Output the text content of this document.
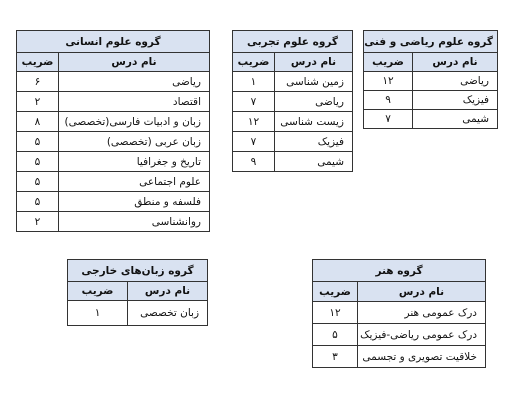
گروه علوم ریاضی و فنی	
نام درس	ضریب
ریاضی	۱۲
فیزیک	۹
شیمی	۷
گروه علوم تجربی	
نام درس	ضریب
زمین شناسی	۱
ریاضی	۷
زیست شناسی	۱۲
فیزیک	۷
شیمی	۹
گروه علوم انسانی	
نام درس	ضریب
ریاضی	۶
اقتصاد	۲
زبان و ادبیات فارسی(تخصصی)	۸
زبان عربی (تخصصی)	۵
تاریخ و جغرافیا	۵
علوم اجتماعی	۵
فلسفه و منطق	۵
روانشناسی	۲
گروه زبان‌های خارجی	
نام درس	ضریب
زبان تخصصی	۱
گروه هنر	
نام درس	ضریب
درک عمومی هنر	۱۲
درک عمومی ریاضی-فیزیک	۵
خلاقیت تصویری و تجسمی	۳
